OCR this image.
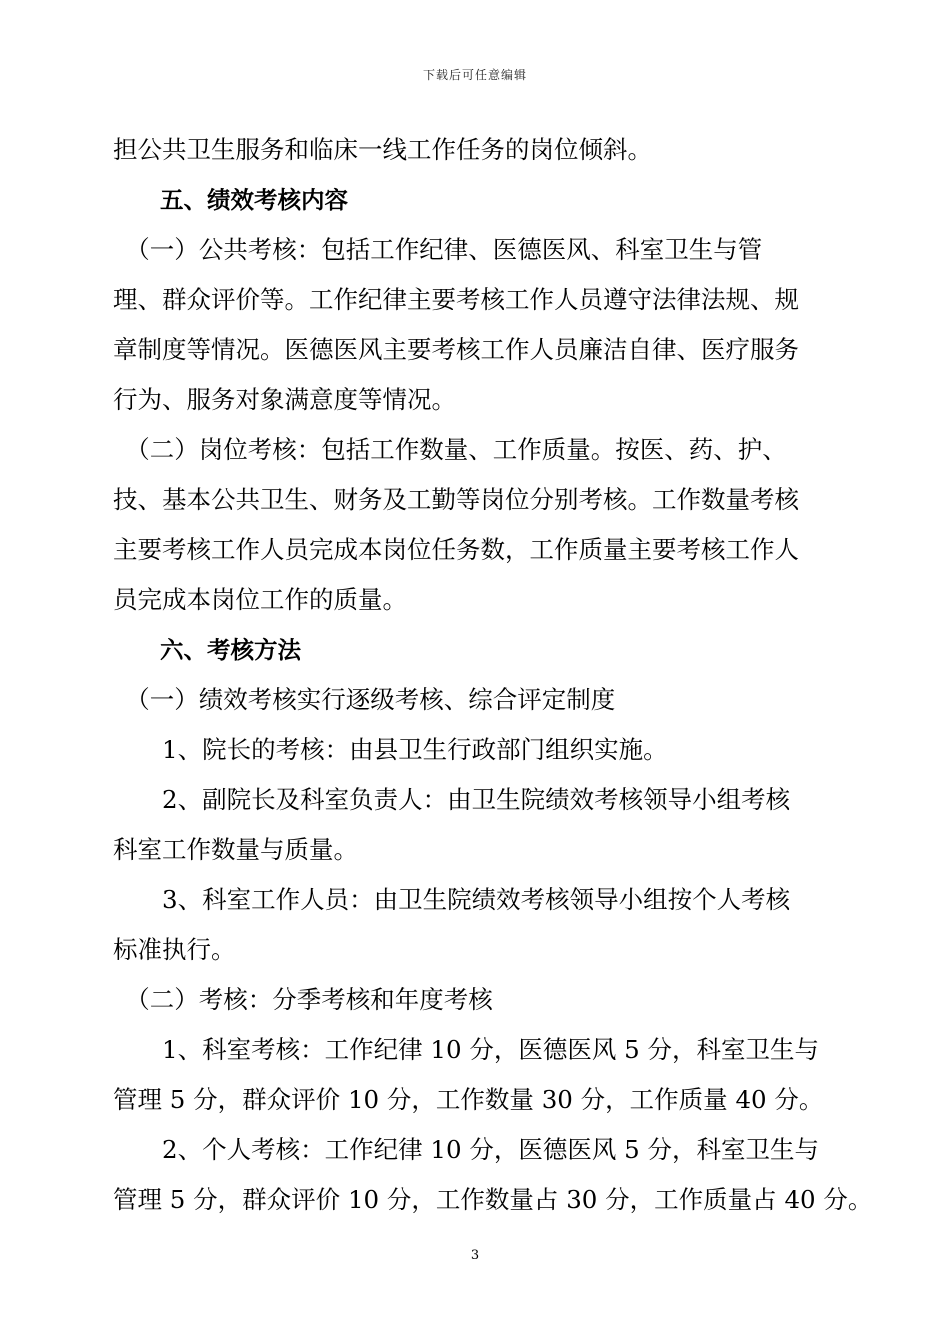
下载后可任意编辑
担公共卫生服务和临床一线工作任务的岗位倾斜。
　　五、绩效考核内容
　（一）公共考核：包括工作纪律、医德医风、科室卫生与管
理、群众评价等。工作纪律主要考核工作人员遵守法律法规、规
章制度等情况。医德医风主要考核工作人员廉洁自律、医疗服务
行为、服务对象满意度等情况。
　（二）岗位考核：包括工作数量、工作质量。按医、药、护、
技、基本公共卫生、财务及工勤等岗位分别考核。工作数量考核
主要考核工作人员完成本岗位任务数，工作质量主要考核工作人
员完成本岗位工作的质量。
　　六、考核方法
　（一）绩效考核实行逐级考核、综合评定制度
　　1、院长的考核：由县卫生行政部门组织实施。
　　2、副院长及科室负责人：由卫生院绩效考核领导小组考核
科室工作数量与质量。
　　3、科室工作人员：由卫生院绩效考核领导小组按个人考核
标准执行。
　（二）考核：分季考核和年度考核
　　1、科室考核：工作纪律 10 分，医德医风 5 分，科室卫生与
管理 5 分，群众评价 10 分，工作数量 30 分，工作质量 40 分。
　　2、个人考核：工作纪律 10 分，医德医风 5 分，科室卫生与
管理 5 分，群众评价 10 分，工作数量占 30 分，工作质量占 40 分。
3
